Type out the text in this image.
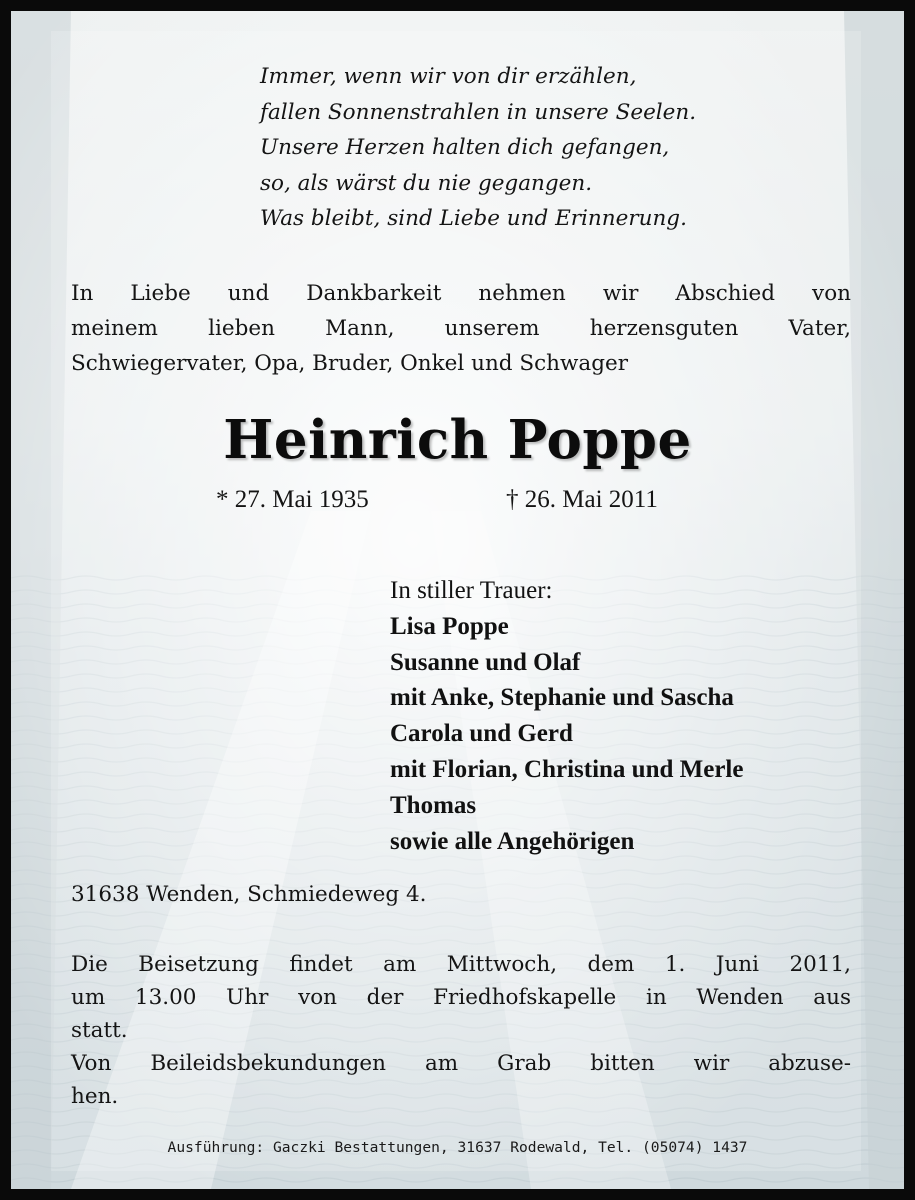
Immer, wenn wir von dir erzählen,
fallen Sonnenstrahlen in unsere Seelen.
Unsere Herzen halten dich gefangen,
so, als wärst du nie gegangen.
Was bleibt, sind Liebe und Erinnerung.
In Liebe und Dankbarkeit nehmen wir Abschied von
meinem lieben Mann, unserem herzensguten Vater,
Schwiegervater, Opa, Bruder, Onkel und Schwager
Heinrich Poppe
* 27. Mai 1935	† 26. Mai 2011
In stiller Trauer:
Lisa Poppe
Susanne und Olaf
mit Anke, Stephanie und Sascha
Carola und Gerd
mit Florian, Christina und Merle
Thomas
sowie alle Angehörigen
31638 Wenden, Schmiedeweg 4.
Die Beisetzung findet am Mittwoch, dem 1. Juni 2011,
um 13.00 Uhr von der Friedhofskapelle in Wenden aus
statt.
Von Beileidsbekundungen am Grab bitten wir abzuse-
hen.
Ausführung: Gaczki Bestattungen, 31637 Rodewald, Tel. (05074) 1437
